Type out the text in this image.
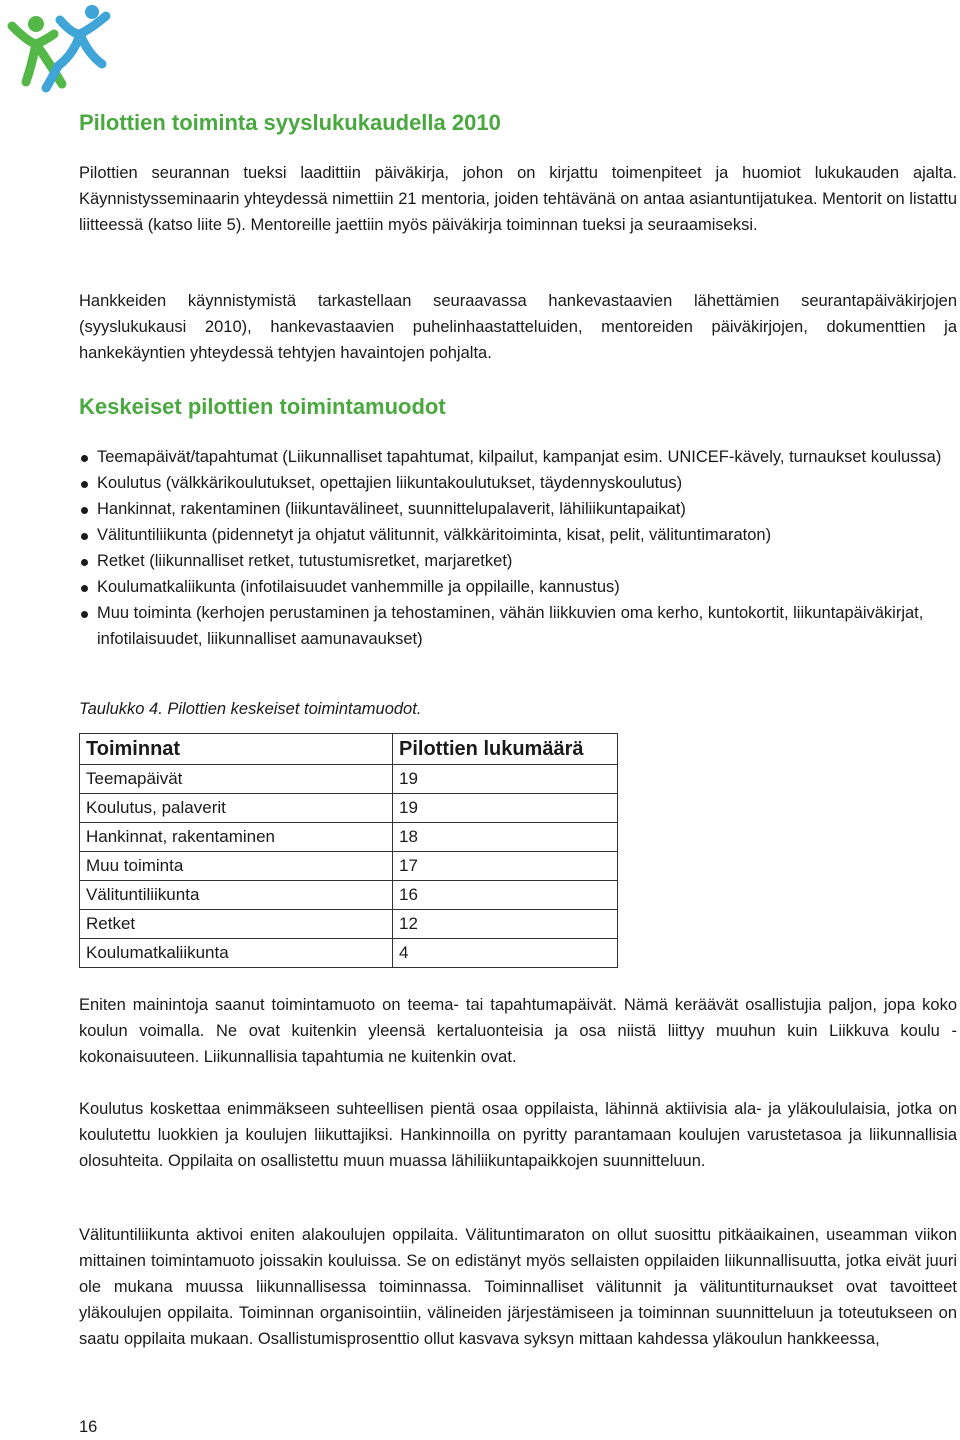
Pilottien toiminta syyslukukaudella 2010

Pilottien seurannan tueksi laadittiin päiväkirja, johon on kirjattu toimenpiteet ja huomiot lukukauden ajalta. Käynnistysseminaarin yhteydessä nimettiin 21 mentoria, joiden tehtävänä on antaa asiantuntijatukea. Mentorit on listattu liitteessä (katso liite 5). Mentoreille jaettiin myös päiväkirja toiminnan tueksi ja seuraamiseksi.

Hankkeiden käynnistymistä tarkastellaan seuraavassa hankevastaavien lähettämien seurantapäiväkirjojen (syyslukukausi 2010), hankevastaavien puhelinhaastatteluiden, mentoreiden päiväkirjojen, dokumenttien ja hankekäyntien yhteydessä tehtyjen havaintojen pohjalta.

Keskeiset pilottien toimintamuodot
Teemapäivät/tapahtumat (Liikunnalliset tapahtumat, kilpailut, kampanjat esim. UNICEF-kävely, turnaukset koulussa)
Koulutus (välkkärikoulutukset, opettajien liikuntakoulutukset, täydennyskoulutus)
Hankinnat, rakentaminen (liikuntavälineet, suunnittelupalaverit, lähiliikuntapaikat)
Välituntiliikunta (pidennetyt ja ohjatut välitunnit, välkkäritoiminta, kisat, pelit, välituntimaraton)
Retket (liikunnalliset retket, tutustumisretket, marjaretket)
Koulumatkaliikunta (infotilaisuudet vanhemmille ja oppilaille, kannustus)
Muu toiminta (kerhojen perustaminen ja tehostaminen, vähän liikkuvien oma kerho, kuntokortit, liikuntapäiväkirjat, infotilaisuudet, liikunnalliset aamunavaukset)

Taulukko 4. Pilottien keskeiset toimintamuodot.

Toiminnat	Pilottien lukumäärä
Teemapäivät	19
Koulutus, palaverit	19
Hankinnat, rakentaminen	18
Muu toiminta	17
Välituntiliikunta	16
Retket	12
Koulumatkaliikunta	4

Eniten mainintoja saanut toimintamuoto on teema- tai tapahtumapäivät. Nämä keräävät osallistujia paljon, jopa koko koulun voimalla. Ne ovat kuitenkin yleensä kertaluonteisia ja osa niistä liittyy muuhun kuin Liikkuva koulu -kokonaisuuteen. Liikunnallisia tapahtumia ne kuitenkin ovat.

Koulutus koskettaa enimmäkseen suhteellisen pientä osaa oppilaista, lähinnä aktiivisia ala- ja yläkoululaisia, jotka on koulutettu luokkien ja koulujen liikuttajiksi. Hankinnoilla on pyritty parantamaan koulujen varustetasoa ja liikunnallisia olosuhteita. Oppilaita on osallistettu muun muassa lähiliikuntapaikkojen suunnitteluun.

Välituntiliikunta aktivoi eniten alakoulujen oppilaita. Välituntimaraton on ollut suosittu pitkäaikainen, useamman viikon mittainen toimintamuoto joissakin kouluissa. Se on edistänyt myös sellaisten oppilaiden liikunnallisuutta, jotka eivät juuri ole mukana muussa liikunnallisessa toiminnassa. Toiminnalliset välitunnit ja välituntiturnaukset ovat tavoitteet yläkoulujen oppilaita. Toiminnan organisointiin, välineiden järjestämiseen ja toiminnan suunnitteluun ja toteutukseen on saatu oppilaita mukaan. Osallistumisprosenttio ollut kasvava syksyn mittaan kahdessa yläkoulun hankkeessa,

16
